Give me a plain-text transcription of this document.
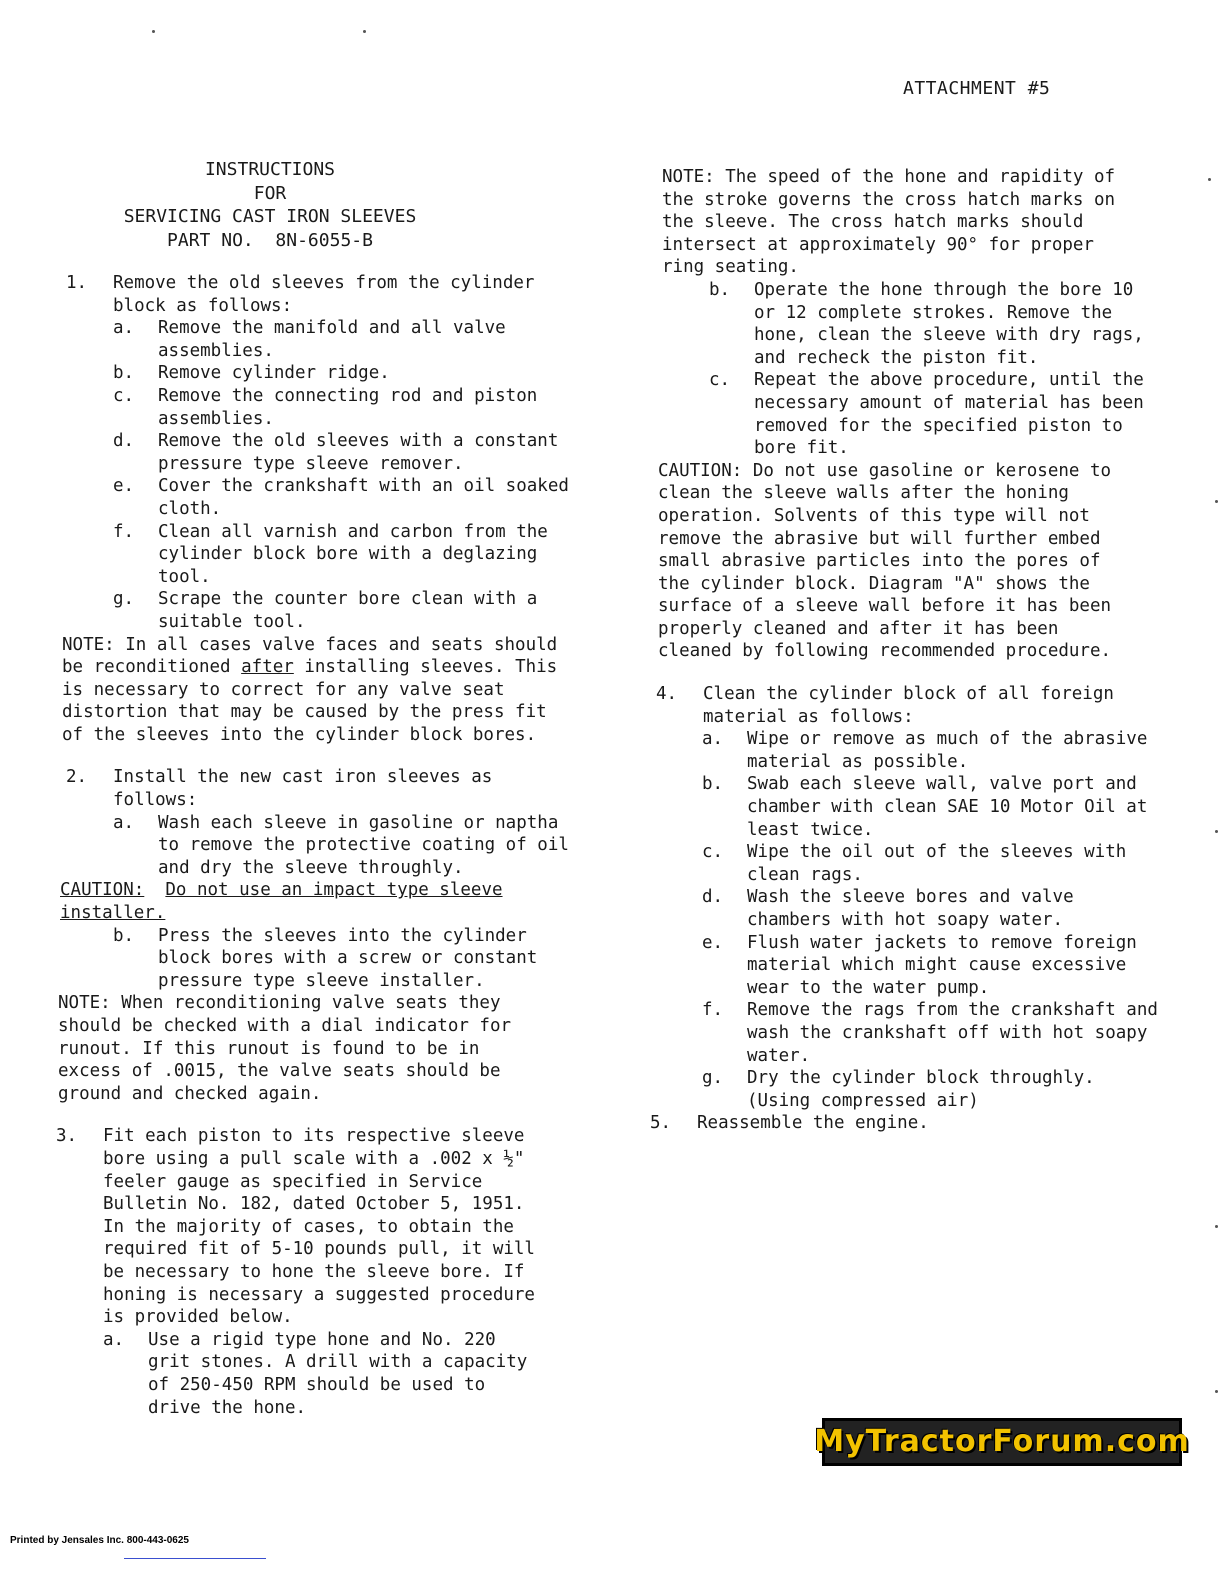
ATTACHMENT #5
INSTRUCTIONS
FOR
SERVICING CAST IRON SLEEVES
PART NO.  8N-6055-B
1.	Remove the old sleeves from the cylinder block as follows:
a.	Remove the manifold and all valve assemblies.
b.	Remove cylinder ridge.
c.	Remove the connecting rod and piston assemblies.
d.	Remove the old sleeves with a constant pressure type sleeve remover.
e.	Cover the crankshaft with an oil soaked cloth.
f.	Clean all varnish and carbon from the cylinder block bore with a deglazing tool.
g.	Scrape the counter bore clean with a suitable tool.

NOTE: In all cases valve faces and seats should be reconditioned after installing sleeves. This is necessary to correct for any valve seat distortion that may be caused by the press fit of the sleeves into the cylinder block bores.

2.	Install the new cast iron sleeves as follows:
a.	Wash each sleeve in gasoline or naptha to remove the protective coating of oil and dry the sleeve throughly.

CAUTION: Do not use an impact type sleeve installer.

b.	Press the sleeves into the cylinder block bores with a screw or constant pressure type sleeve installer.

NOTE: When reconditioning valve seats they should be checked with a dial indicator for runout. If this runout is found to be in excess of .0015, the valve seats should be ground and checked again.

3.	Fit each piston to its respective sleeve bore using a pull scale with a .002 x ½" feeler gauge as specified in Service Bulletin No. 182, dated October 5, 1951. In the majority of cases, to obtain the required fit of 5-10 pounds pull, it will be necessary to hone the sleeve bore. If honing is necessary a suggested procedure is provided below.
a.	Use a rigid type hone and No. 220 grit stones. A drill with a capacity of 250-450 RPM should be used to drive the hone.

NOTE: The speed of the hone and rapidity of the stroke governs the cross hatch marks on the sleeve. The cross hatch marks should intersect at approximately 90° for proper ring seating.

b.	Operate the hone through the bore 10 or 12 complete strokes. Remove the hone, clean the sleeve with dry rags, and recheck the piston fit.
c.	Repeat the above procedure, until the necessary amount of material has been removed for the specified piston to bore fit.

CAUTION: Do not use gasoline or kerosene to clean the sleeve walls after the honing operation. Solvents of this type will not remove the abrasive but will further embed small abrasive particles into the pores of the cylinder block. Diagram "A" shows the surface of a sleeve wall before it has been properly cleaned and after it has been cleaned by following recommended procedure.

4.	Clean the cylinder block of all foreign material as follows:
a.	Wipe or remove as much of the abrasive material as possible.
b.	Swab each sleeve wall, valve port and chamber with clean SAE 10 Motor Oil at least twice.
c.	Wipe the oil out of the sleeves with clean rags.
d.	Wash the sleeve bores and valve chambers with hot soapy water.
e.	Flush water jackets to remove foreign material which might cause excessive wear to the water pump.
f.	Remove the rags from the crankshaft and wash the crankshaft off with hot soapy water.
g.	Dry the cylinder block throughly. (Using compressed air)
5.	Reassemble the engine.
MyTractorForum.com
Printed by Jensales Inc. 800-443-0625
